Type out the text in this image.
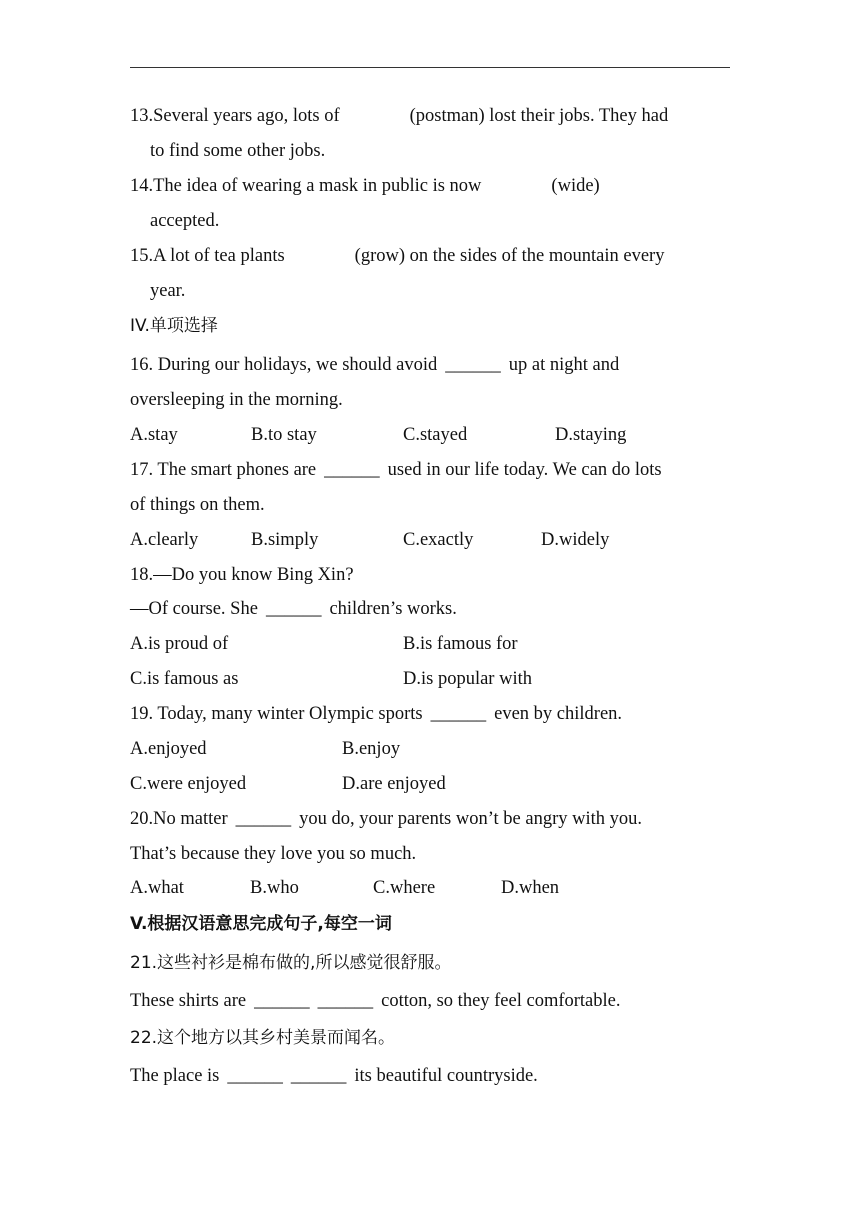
13.Several years ago, lots of	(postman) lost their jobs. They had
to find some other jobs.
14.The idea of wearing a mask in public is now	(wide)
accepted.
15.A lot of tea plants	(grow) on the sides of the mountain every
year.
IV.单项选择
16. During our holidays, we should avoid ______ up at night and
oversleeping in the morning.
A.stay	B.to stay	C.stayed	D.staying
17. The smart phones are ______ used in our life today. We can do lots
of things on them.
A.clearly	B.simply	C.exactly	D.widely
18.—Do you know Bing Xin?
—Of course. She ______ children’s works.
A.is proud of	B.is famous for
C.is famous as	D.is popular with
19. Today, many winter Olympic sports ______ even by children.
A.enjoyed	B.enjoy
C.were enjoyed	D.are enjoyed
20.No matter ______ you do, your parents won’t be angry with you.
That’s because they love you so much.
A.what	B.who	C.where	D.when
V.根据汉语意思完成句子,每空一词
21.这些衬衫是棉布做的,所以感觉很舒服。
These shirts are ______ ______ cotton, so they feel comfortable.
22.这个地方以其乡村美景而闻名。
The place is ______ ______ its beautiful countryside.
